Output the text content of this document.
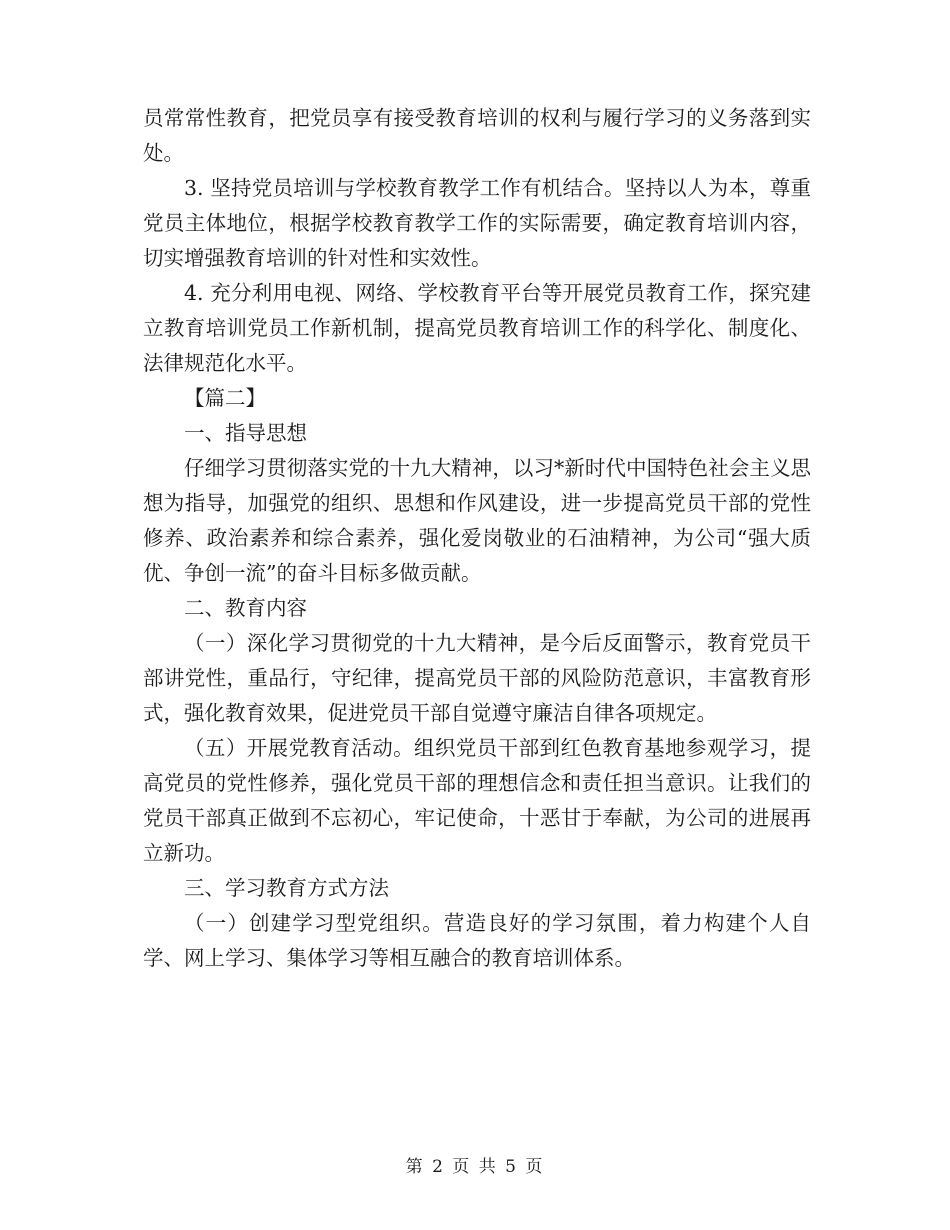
员常常性教育，把党员享有接受教育培训的权利与履行学习的义务落到实处。

3. 坚持党员培训与学校教育教学工作有机结合。坚持以人为本，尊重党员主体地位，根据学校教育教学工作的实际需要，确定教育培训内容，切实增强教育培训的针对性和实效性。

4. 充分利用电视、网络、学校教育平台等开展党员教育工作，探究建立教育培训党员工作新机制，提高党员教育培训工作的科学化、制度化、法律规范化水平。

【篇二】

一、指导思想

仔细学习贯彻落实党的十九大精神，以习*新时代中国特色社会主义思想为指导，加强党的组织、思想和作风建设，进一步提高党员干部的党性修养、政治素养和综合素养，强化爱岗敬业的石油精神，为公司“强大质优、争创一流”的奋斗目标多做贡献。

二、教育内容

（一）深化学习贯彻党的十九大精神，是今后反面警示，教育党员干部讲党性，重品行，守纪律，提高党员干部的风险防范意识，丰富教育形式，强化教育效果，促进党员干部自觉遵守廉洁自律各项规定。

（五）开展党教育活动。组织党员干部到红色教育基地参观学习，提高党员的党性修养，强化党员干部的理想信念和责任担当意识。让我们的党员干部真正做到不忘初心，牢记使命，十恶甘于奉献，为公司的进展再立新功。

三、学习教育方式方法

（一）创建学习型党组织。营造良好的学习氛围，着力构建个人自学、网上学习、集体学习等相互融合的教育培训体系。

第 2 页 共 5 页
